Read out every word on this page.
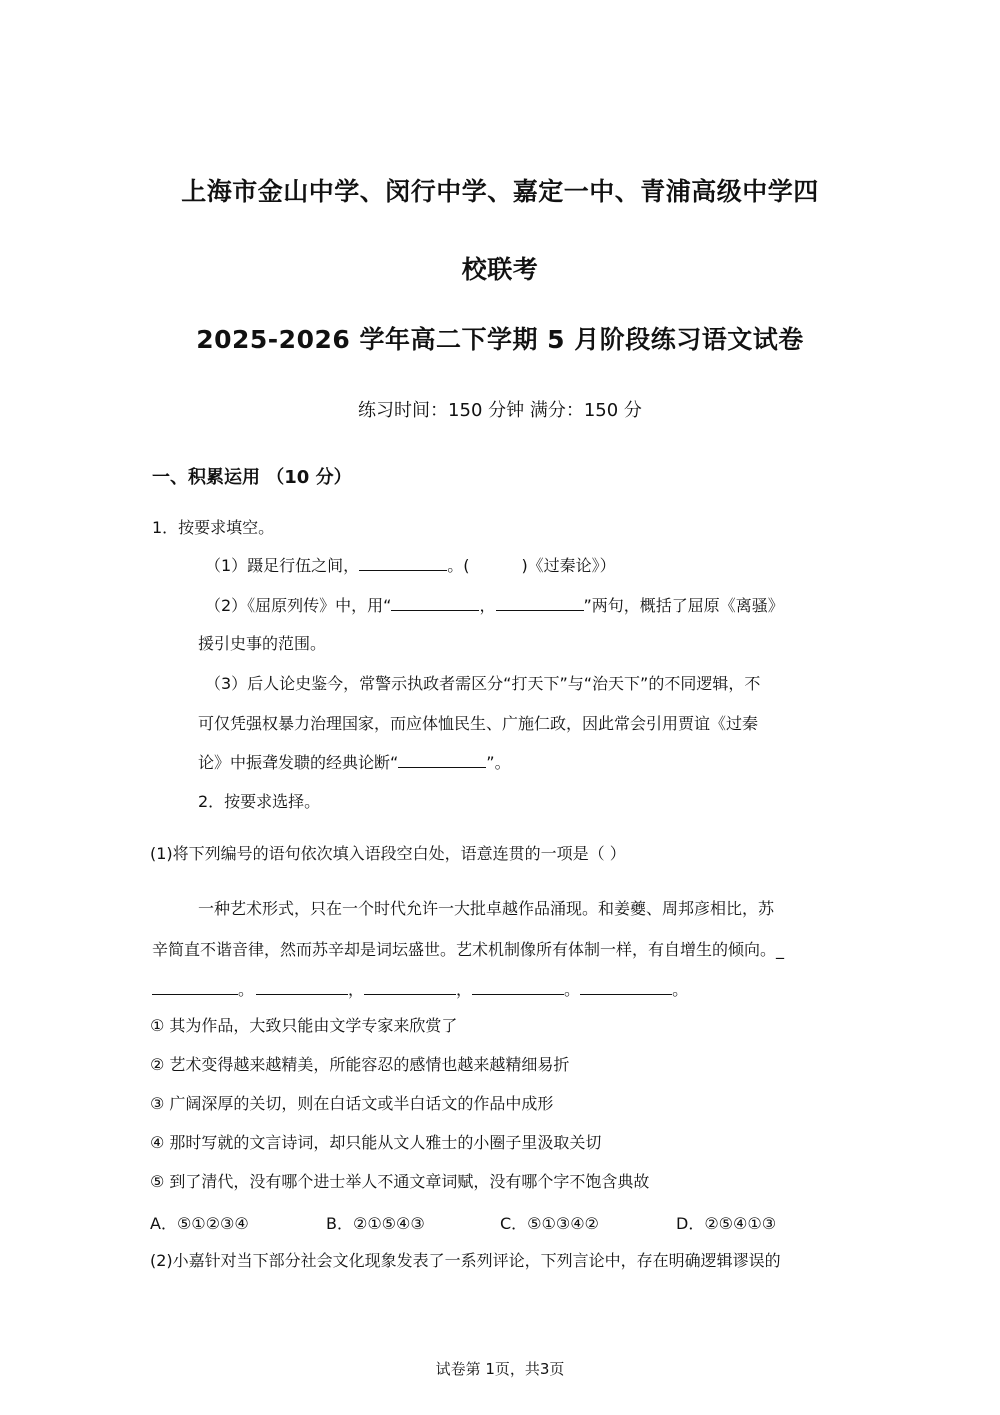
上海市金山中学、闵行中学、嘉定一中、青浦高级中学四
校联考
2025-2026 学年高二下学期 5 月阶段练习语文试卷
练习时间：150 分钟 满分：150 分
一、积累运用 （10 分）
1．按要求填空。
（1）蹑足行伍之间，	。(	)《过秦论》）
（2）《屈原列传》中，用“	，	”两句，概括了屈原《离骚》
援引史事的范围。
（3）后人论史鉴今，常警示执政者需区分“打天下”与“治天下”的不同逻辑，不
可仅凭强权暴力治理国家，而应体恤民生、广施仁政，因此常会引用贾谊《过秦
论》中振聋发聩的经典论断“	”。
2．按要求选择。
(1)将下列编号的语句依次填入语段空白处，语意连贯的一项是（ ）
一种艺术形式，只在一个时代允许一大批卓越作品涌现。和姜夔、周邦彦相比，苏
辛简直不谐音律，然而苏辛却是词坛盛世。艺术机制像所有体制一样，有自增生的倾向。_
。	，	，	。	。
① 其为作品，大致只能由文学专家来欣赏了
② 艺术变得越来越精美，所能容忍的感情也越来越精细易折
③ 广阔深厚的关切，则在白话文或半白话文的作品中成形
④ 那时写就的文言诗词，却只能从文人雅士的小圈子里汲取关切
⑤ 到了清代，没有哪个进士举人不通文章词赋，没有哪个字不饱含典故
A．⑤①②③④	B．②①⑤④③	C．⑤①③④②	D．②⑤④①③
(2)小嘉针对当下部分社会文化现象发表了一系列评论，下列言论中，存在明确逻辑谬误的
试卷第 1页，共3页
